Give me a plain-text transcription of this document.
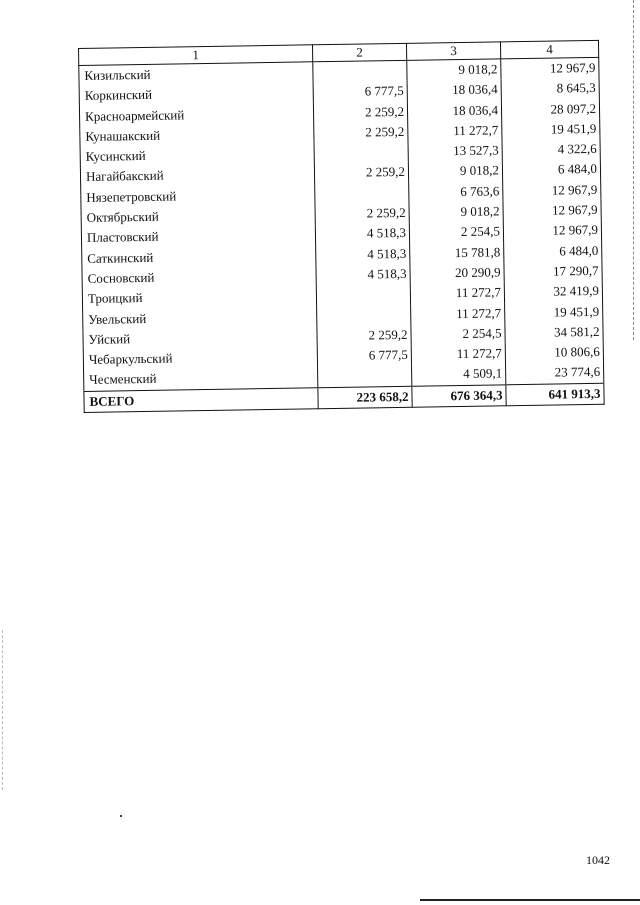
1	2	3	4
Кизильский		9 018,2	12 967,9
Коркинский	6 777,5	18 036,4	8 645,3
Красноармейский	2 259,2	18 036,4	28 097,2
Кунашакский	2 259,2	11 272,7	19 451,9
Кусинский		13 527,3	4 322,6
Нагайбакский	2 259,2	9 018,2	6 484,0
Нязепетровский		6 763,6	12 967,9
Октябрьский	2 259,2	9 018,2	12 967,9
Пластовский	4 518,3	2 254,5	12 967,9
Саткинский	4 518,3	15 781,8	6 484,0
Сосновский	4 518,3	20 290,9	17 290,7
Троицкий		11 272,7	32 419,9
Увельский		11 272,7	19 451,9
Уйский	2 259,2	2 254,5	34 581,2
Чебаркульский	6 777,5	11 272,7	10 806,6
Чесменский		4 509,1	23 774,6
ВСЕГО	223 658,2	676 364,3	641 913,3
1042
